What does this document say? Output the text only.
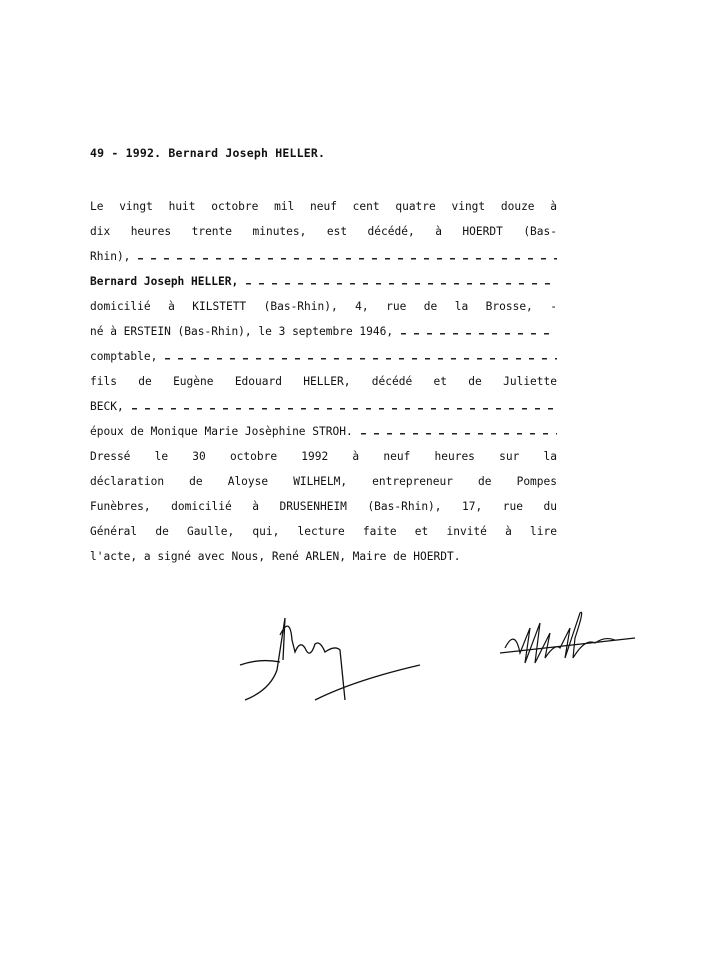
49 - 1992. Bernard Joseph HELLER.
Le vingt huit octobre mil neuf cent quatre vingt douze à
dix heures trente minutes, est décédé, à HOERDT (Bas-
Rhin),
Bernard Joseph HELLER,
domicilié à KILSTETT (Bas-Rhin), 4, rue de la Brosse, -
né à ERSTEIN (Bas-Rhin), le 3 septembre 1946,
comptable,
fils de Eugène Edouard HELLER, décédé et de Juliette
BECK,
époux de Monique Marie Josèphine STROH.
Dressé le 30 octobre 1992 à neuf heures sur la
déclaration de Aloyse WILHELM, entrepreneur de Pompes
Funèbres, domicilié à DRUSENHEIM (Bas-Rhin), 17, rue du
Général de Gaulle, qui, lecture faite et invité à lire
l'acte, a signé avec Nous, René ARLEN, Maire de HOERDT.
